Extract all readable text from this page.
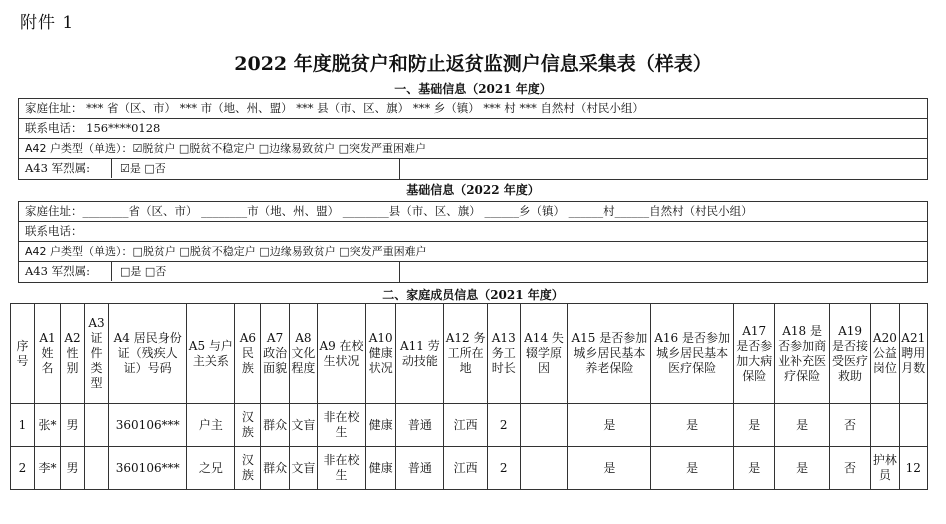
附件 1
2022 年度脱贫户和防止返贫监测户信息采集表（样表）
一、基础信息（2021 年度）
家庭住址： *** 省（区、市） *** 市（地、州、盟） *** 县（市、区、旗） *** 乡（镇） *** 村 *** 自然村（村民小组）
联系电话： 156****0128
A42 户类型（单选）：☑脱贫户 □脱贫不稳定户 □边缘易致贫户 □突发严重困难户
A43 军烈属:	☑是 □否
基础信息（2022 年度）
家庭住址：________省（区、市） ________市（地、州、盟） ________县（市、区、旗） ______乡（镇） ______村______自然村（村民小组）
联系电话：
A42 户类型（单选）：□脱贫户 □脱贫不稳定户 □边缘易致贫户 □突发严重困难户
A43 军烈属:	□是 □否
二、家庭成员信息（2021 年度）
序号	A1 姓名	A2 性别	A3 证件类型	A4 居民身份证（残疾人证）号码	A5 与户主关系	A6 民族	A7 政治面貌	A8 文化程度	A9 在校生状况	A10 健康状况	A11 劳动技能	A12 务工所在地	A13 务工时长	A14 失辍学原因	A15 是否参加城乡居民基本养老保险	A16 是否参加城乡居民基本医疗保险	A17 是否参加大病保险	A18 是否参加商业补充医疗保险	A19 是否接受医疗救助	A20 公益岗位	A21 聘用月数
1	张*	男		360106***	户主	汉族	群众	文盲	非在校生	健康	普通	江西	2		是	是	是	是	否		
2	李*	男		360106***	之兄	汉族	群众	文盲	非在校生	健康	普通	江西	2		是	是	是	是	否	护林员	12
